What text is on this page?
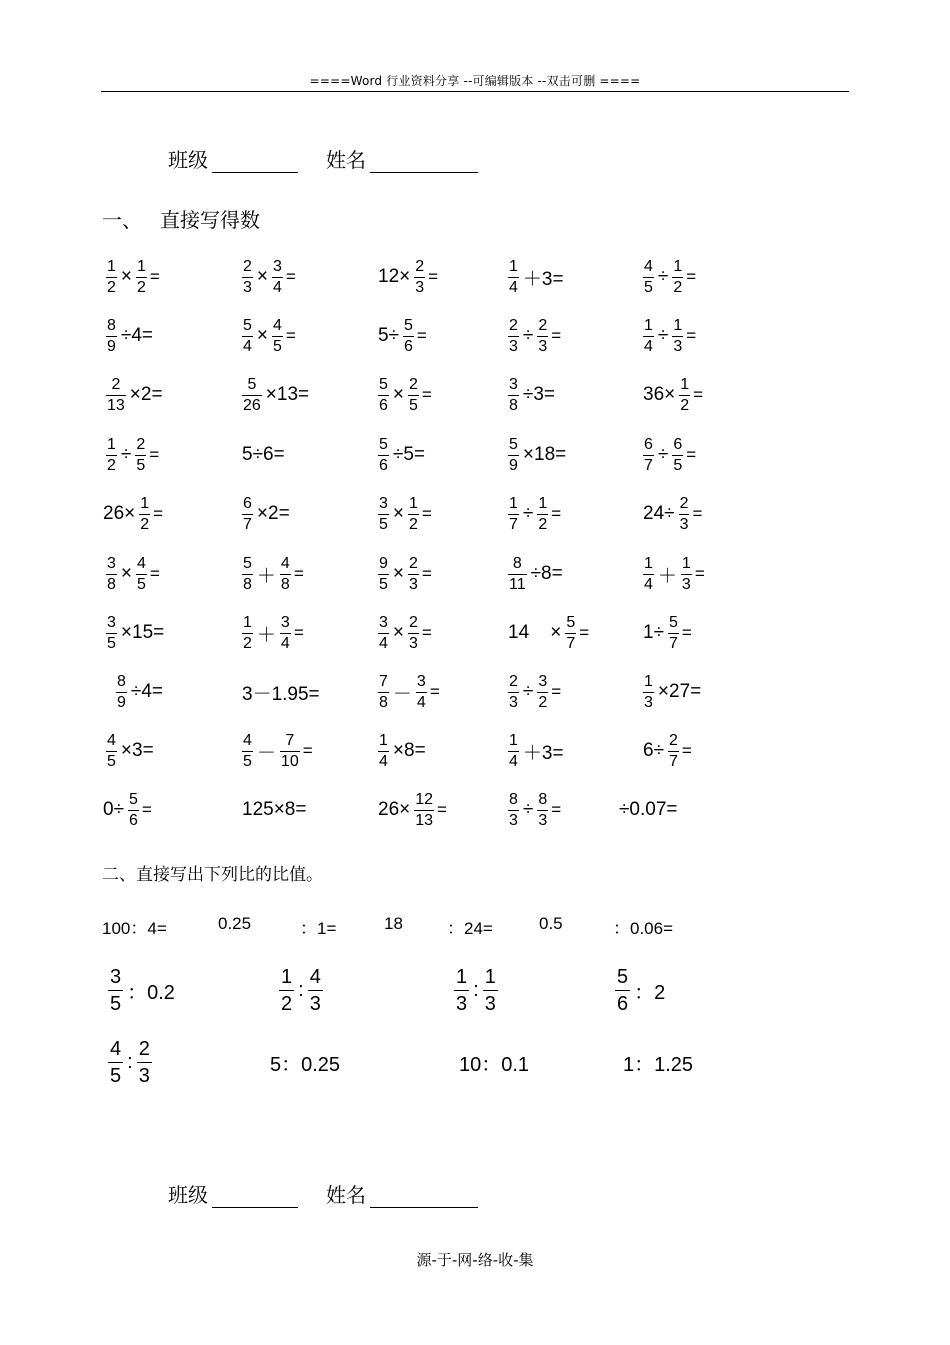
====Word 行业资料分享 --可编辑版本 --双击可删 ====
班级	姓名
一、 直接写得数
$\frac{1}{2} \times \frac{1}{2}$ =	$\frac{2}{3} \times \frac{3}{4}$ =	$12\times \frac{2}{3}$ =	$\frac{1}{4} +3=$	$\frac{4}{5} \div \frac{1}{2}$ =
$\frac{8}{9} \div 4=$	$\frac{5}{4} \times \frac{4}{5}$ =	$5\div \frac{5}{6}$ =	$\frac{2}{3} \div \frac{2}{3}$ =	$\frac{1}{4} \div \frac{1}{3}$ =
$\frac{2}{13} \times 2=$	$\frac{5}{26} \times 13=$	$\frac{5}{6} \times \frac{2}{5}$ =	$\frac{3}{8} \div 3=$	$36\times \frac{1}{2}$ =
$\frac{1}{2} \div \frac{2}{5}$ =	5÷6=	$\frac{5}{6} \div 5=$	$\frac{5}{9} \times 18=$	$\frac{6}{7} \div \frac{6}{5}$ =
$26\times \frac{1}{2}$ =	$\frac{6}{7} \times 2=$	$\frac{3}{5} \times \frac{1}{2}$ =	$\frac{1}{7} \div \frac{1}{2}$ =	$24\div \frac{2}{3}$ =
$\frac{3}{8} \times \frac{4}{5}$ =	$\frac{5}{8} + \frac{4}{8}$ =	$\frac{9}{5} \times \frac{2}{3}$ =	$\frac{8}{11} \div 8=$	$\frac{1}{4} + \frac{1}{3}$ =
$\frac{3}{5} \times 15=$	$\frac{1}{2} + \frac{3}{4}$ =	$\frac{3}{4} \times \frac{2}{3}$ =	14    × $\frac{5}{7}$ =	$1\div \frac{5}{7}$ =
$\frac{8}{9} \div 4=$	3－1.95=	$\frac{7}{8} - \frac{3}{4}$ =	$\frac{2}{3} \div \frac{3}{2}$ =	$\frac{1}{3} \times 27=$
$\frac{4}{5} \times 3=$	$\frac{4}{5} - \frac{7}{10}$ =	$\frac{1}{4} \times 8=$	$\frac{1}{4} +3=$	$6\div \frac{2}{7}$ =
$0\div \frac{5}{6}$ =	125×8=	$26\times \frac{12}{13}$ =	$\frac{8}{3} \div \frac{8}{3}$ =	÷0.07=
二、直接写出下列比的比值。
100：4=	0.25	：1=	18	：24=	0.5	：0.06=
$\frac{3}{5}$ ：0.2	$\frac{1}{2}$ : $\frac{4}{3}$	$\frac{1}{3}$ : $\frac{1}{3}$	$\frac{5}{6}$ ：2
$\frac{4}{5}$ : $\frac{2}{3}$	5：0.25	10：0.1	1：1.25
班级	姓名
源-于-网-络-收-集
